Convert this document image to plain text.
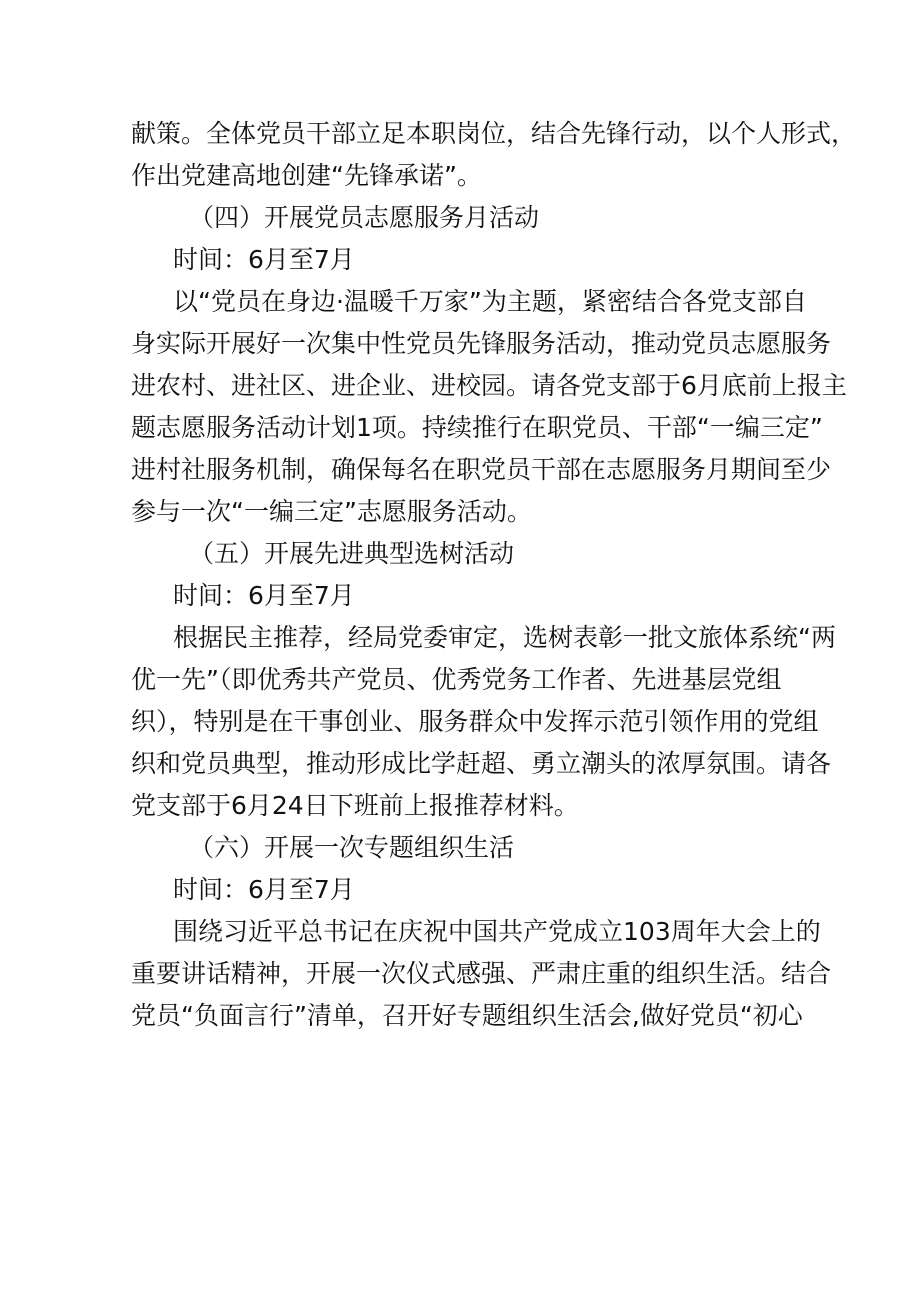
献策。全体党员干部立足本职岗位，结合先锋行动，以个人形式，
作出党建高地创建“先锋承诺”。
（四）开展党员志愿服务月活动
时间：6月至7月
以“党员在身边·温暖千万家”为主题，紧密结合各党支部自
身实际开展好一次集中性党员先锋服务活动，推动党员志愿服务
进农村、进社区、进企业、进校园。请各党支部于6月底前上报主
题志愿服务活动计划1项。持续推行在职党员、干部“一编三定”
进村社服务机制，确保每名在职党员干部在志愿服务月期间至少
参与一次“一编三定”志愿服务活动。
（五）开展先进典型选树活动
时间：6月至7月
根据民主推荐，经局党委审定，选树表彰一批文旅体系统“两
优一先”（即优秀共产党员、优秀党务工作者、先进基层党组
织），特别是在干事创业、服务群众中发挥示范引领作用的党组
织和党员典型，推动形成比学赶超、勇立潮头的浓厚氛围。请各
党支部于6月24日下班前上报推荐材料。
（六）开展一次专题组织生活
时间：6月至7月
围绕习近平总书记在庆祝中国共产党成立103周年大会上的
重要讲话精神，开展一次仪式感强、严肃庄重的组织生活。结合
党员“负面言行”清单，召开好专题组织生活会,做好党员“初心
